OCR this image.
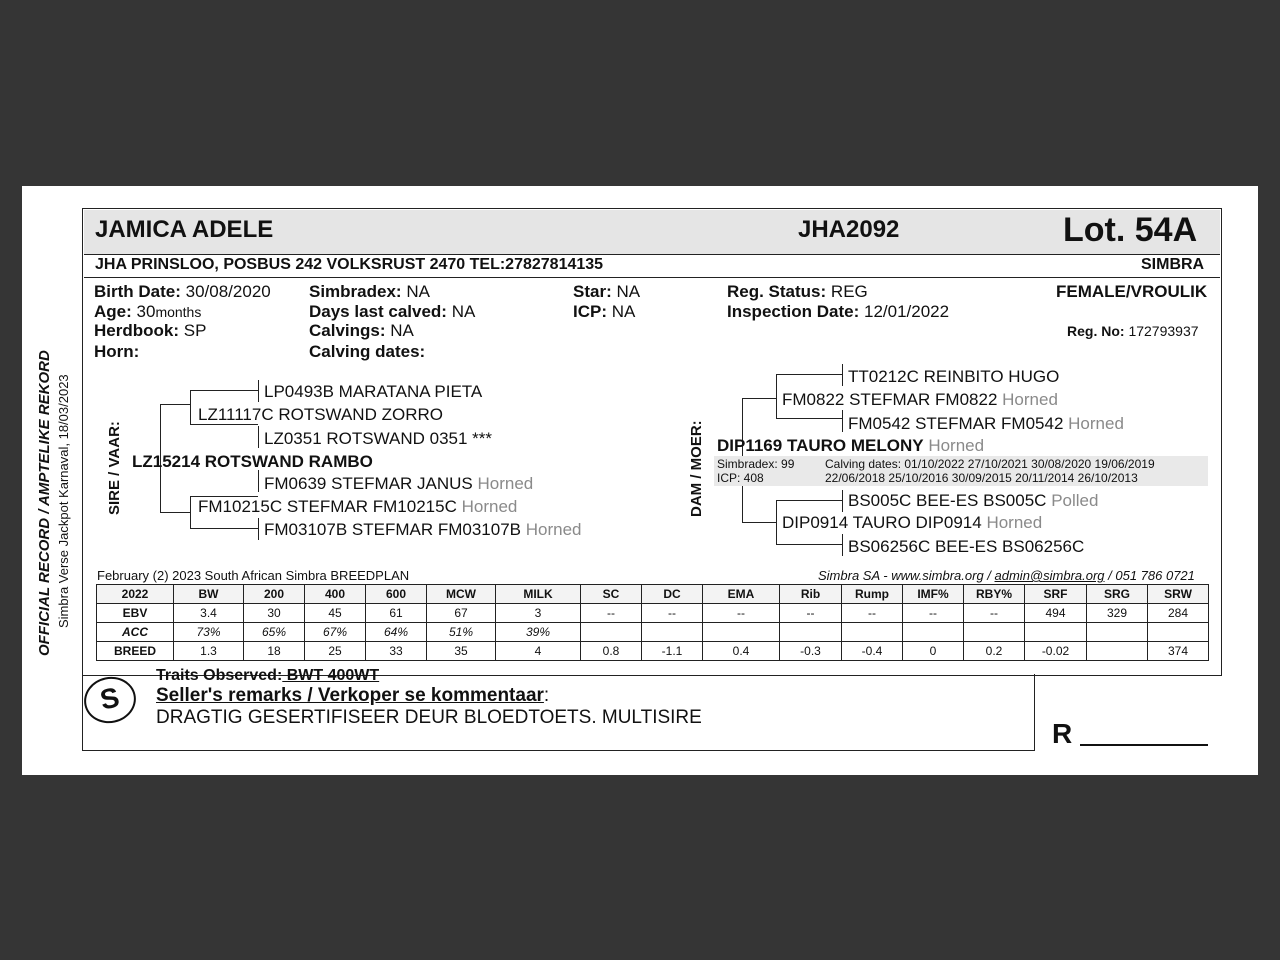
OFFICIAL RECORD / AMPTELIKE REKORD Simbra Verse Jackpot Karnaval, 18/03/2023
JAMICA ADELE	JHA2092	Lot. 54A
JHA PRINSLOO, POSBUS 242 VOLKSRUST 2470 TEL:27827814135	SIMBRA
Birth Date: 30/08/2020
Age: 30months
Herdbook: SP
Horn:
Simbradex: NA
Days last calved: NA
Calvings: NA
Calving dates:
Star: NA
ICP: NA
Reg. Status: REG
Inspection Date: 12/01/2022
FEMALE/VROULIK
Reg. No: 172793937
SIRE / VAAR:
LP0493B MARATANA PIETA
LZ11117C ROTSWAND ZORRO
LZ0351 ROTSWAND 0351 ***
LZ15214 ROTSWAND RAMBO
FM0639 STEFMAR JANUS Horned
FM10215C STEFMAR FM10215C Horned
FM03107B STEFMAR FM03107B Horned
DAM / MOER:
TT0212C REINBITO HUGO
FM0822 STEFMAR FM0822 Horned
FM0542 STEFMAR FM0542 Horned
DIP1169 TAURO MELONY Horned
Simbradex: 99
ICP: 408
Calving dates: 01/10/2022 27/10/2021 30/08/2020 19/06/2019
22/06/2018 25/10/2016 30/09/2015 20/11/2014 26/10/2013
BS005C BEE-ES BS005C Polled
DIP0914 TAURO DIP0914 Horned
BS06256C BEE-ES BS06256C
February (2) 2023 South African Simbra BREEDPLAN	Simbra SA - www.simbra.org / admin@simbra.org / 051 786 0721
2022	BW	200	400	600	MCW	MILK	SC	DC	EMA	Rib	Rump	IMF%	RBY%	SRF	SRG	SRW
EBV	3.4	30	45	61	67	3	--	--	--	--	--	--	--	494	329	284
ACC	73%	65%	67%	64%	51%	39%										
BREED	1.3	18	25	33	35	4	0.8	-1.1	0.4	-0.3	-0.4	0	0.2	-0.02		374
Traits Observed: BWT 400WT
Seller's remarks / Verkoper se kommentaar:
DRAGTIG GESERTIFISEER DEUR BLOEDTOETS. MULTISIRE
S
R
